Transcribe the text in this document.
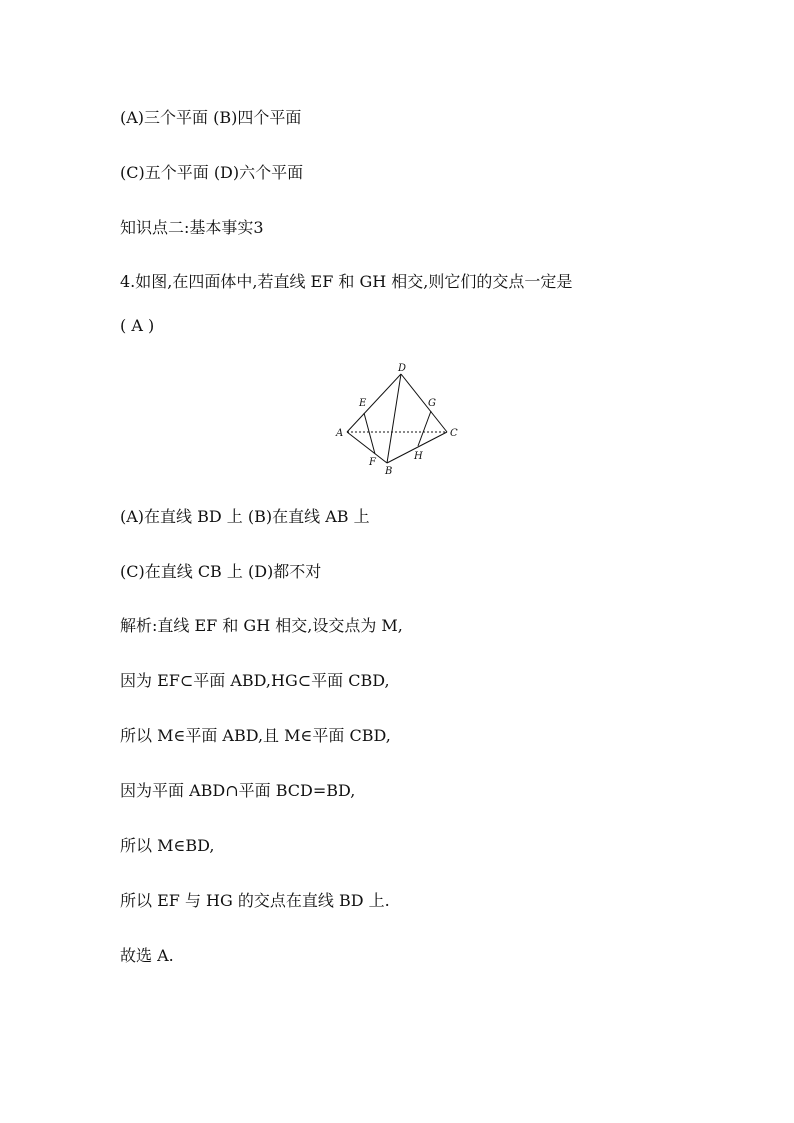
(A)三个平面 (B)四个平面
(C)五个平面 (D)六个平面
知识点二:基本事实3
4.如图,在四面体中,若直线 EF 和 GH 相交,则它们的交点一定是
( A )
A
B
C
D
E
F
G
H
(A)在直线 BD 上 (B)在直线 AB 上
(C)在直线 CB 上 (D)都不对
解析:直线 EF 和 GH 相交,设交点为 M,
因为 EF⊂平面 ABD,HG⊂平面 CBD,
所以 M∈平面 ABD,且 M∈平面 CBD,
因为平面 ABD∩平面 BCD=BD,
所以 M∈BD,
所以 EF 与 HG 的交点在直线 BD 上.
故选 A.
